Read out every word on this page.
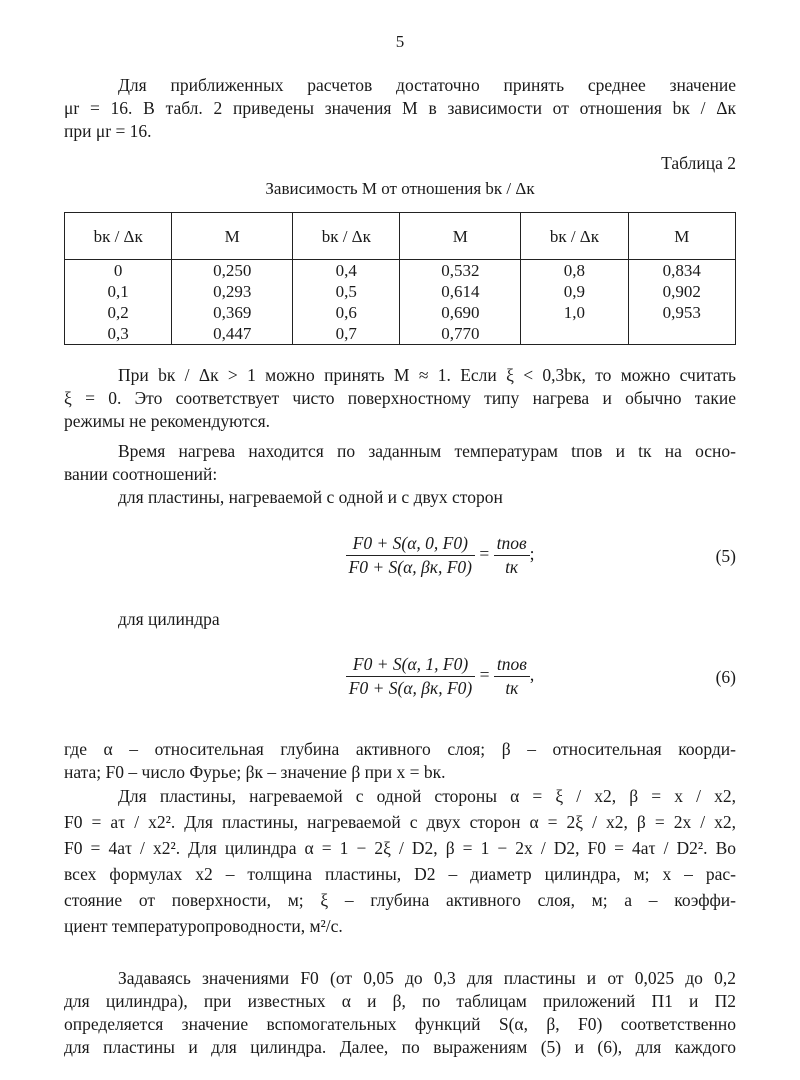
5
Для приближенных расчетов достаточно принять среднее значение
μr = 16. В табл. 2 приведены значения M в зависимости от отношения bк / Δк
при μr = 16.
Таблица 2
Зависимость M от отношения bк / Δк
bк / Δк	M	bк / Δк	M	bк / Δк	M
0	0,250	0,4	0,532	0,8	0,834
0,1	0,293	0,5	0,614	0,9	0,902
0,2	0,369	0,6	0,690	1,0	0,953
0,3	0,447	0,7	0,770		
При bк / Δк > 1 можно принять M ≈ 1. Если ξ < 0,3bк, то можно считать
ξ = 0. Это соответствует чисто поверхностному типу нагрева и обычно такие
режимы не рекомендуются.
Время нагрева находится по заданным температурам tпов и tк на осно-
вании соотношений:
для пластины, нагреваемой с одной и с двух сторон
$\frac{F0 + S(\alpha, 0, F0)}{F0 + S(\alpha, \beta к, F0)} = \frac{\text{tпов}}{tк}$ ;	(5)
для цилиндра
$\frac{F0 + S(\alpha, 1, F0)}{F0 + S(\alpha, \beta к, F0)} = \frac{\text{tпов}}{tк}$ ,	(6)
где α – относительная глубина активного слоя; β – относительная коорди-
ната; F0 – число Фурье; βк – значение β при x = bк.
Для пластины, нагреваемой с одной стороны α = ξ / x2, β = x / x2,
F0 = aτ / x2². Для пластины, нагреваемой с двух сторон α = 2ξ / x2, β = 2x / x2,
F0 = 4aτ / x2². Для цилиндра α = 1 − 2ξ / D2, β = 1 − 2x / D2, F0 = 4aτ / D2². Во
всех формулах x2 – толщина пластины, D2 – диаметр цилиндра, м; x – рас-
стояние от поверхности, м; ξ – глубина активного слоя, м; a – коэффи-
циент температуропроводности, м²/с.
Задаваясь значениями F0 (от 0,05 до 0,3 для пластины и от 0,025 до 0,2
для цилиндра), при известных α и β, по таблицам приложений П1 и П2
определяется значение вспомогательных функций S(α, β, F0) соответственно
для пластины и для цилиндра. Далее, по выражениям (5) и (6), для каждого
